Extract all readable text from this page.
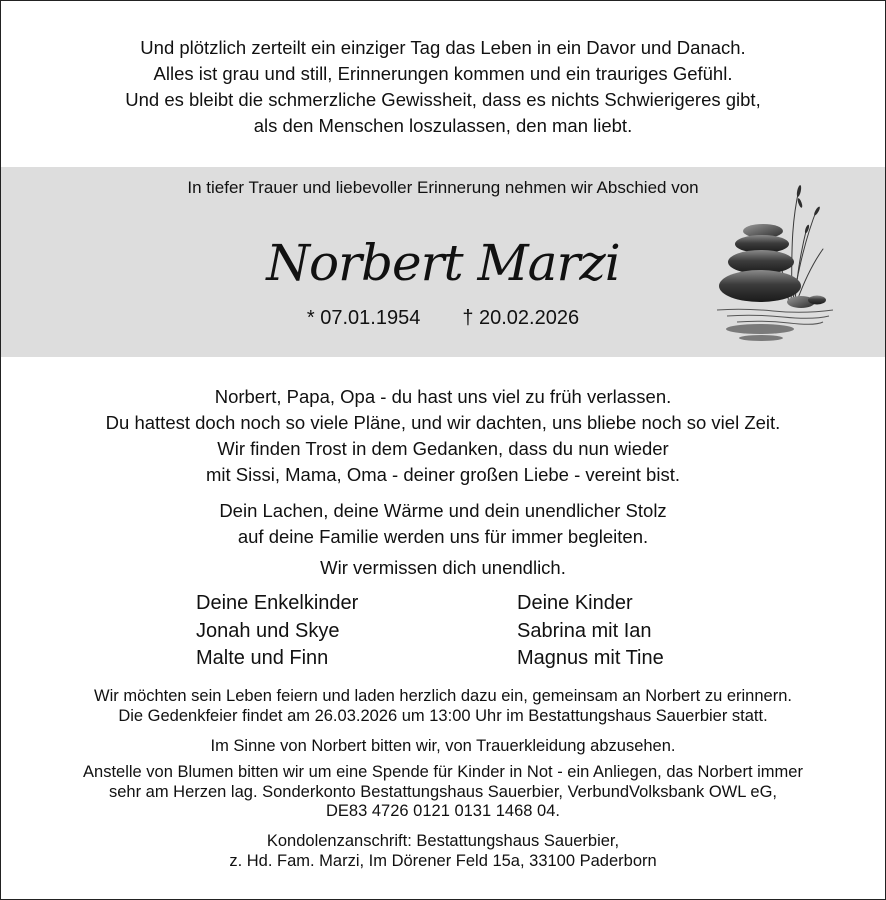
Und plötzlich zerteilt ein einziger Tag das Leben in ein Davor und Danach.
Alles ist grau und still, Erinnerungen kommen und ein trauriges Gefühl.
Und es bleibt die schmerzliche Gewissheit, dass es nichts Schwierigeres gibt,
als den Menschen loszulassen, den man liebt.
In tiefer Trauer und liebevoller Erinnerung nehmen wir Abschied von
Norbert Marzi
* 07.01.1954 † 20.02.2026
Norbert, Papa, Opa - du hast uns viel zu früh verlassen.
Du hattest doch noch so viele Pläne, und wir dachten, uns bliebe noch so viel Zeit.
Wir finden Trost in dem Gedanken, dass du nun wieder
mit Sissi, Mama, Oma - deiner großen Liebe - vereint bist.
Dein Lachen, deine Wärme und dein unendlicher Stolz
auf deine Familie werden uns für immer begleiten.
Wir vermissen dich unendlich.
Deine Enkelkinder
Jonah und Skye
Malte und Finn
Deine Kinder
Sabrina mit Ian
Magnus mit Tine
Wir möchten sein Leben feiern und laden herzlich dazu ein, gemeinsam an Norbert zu erinnern.
Die Gedenkfeier findet am 26.03.2026 um 13:00 Uhr im Bestattungshaus Sauerbier statt.
Im Sinne von Norbert bitten wir, von Trauerkleidung abzusehen.
Anstelle von Blumen bitten wir um eine Spende für Kinder in Not - ein Anliegen, das Norbert immer
sehr am Herzen lag. Sonderkonto Bestattungshaus Sauerbier, VerbundVolksbank OWL eG,
DE83 4726 0121 0131 1468 04.
Kondolenzanschrift: Bestattungshaus Sauerbier,
z. Hd. Fam. Marzi, Im Dörener Feld 15a, 33100 Paderborn
